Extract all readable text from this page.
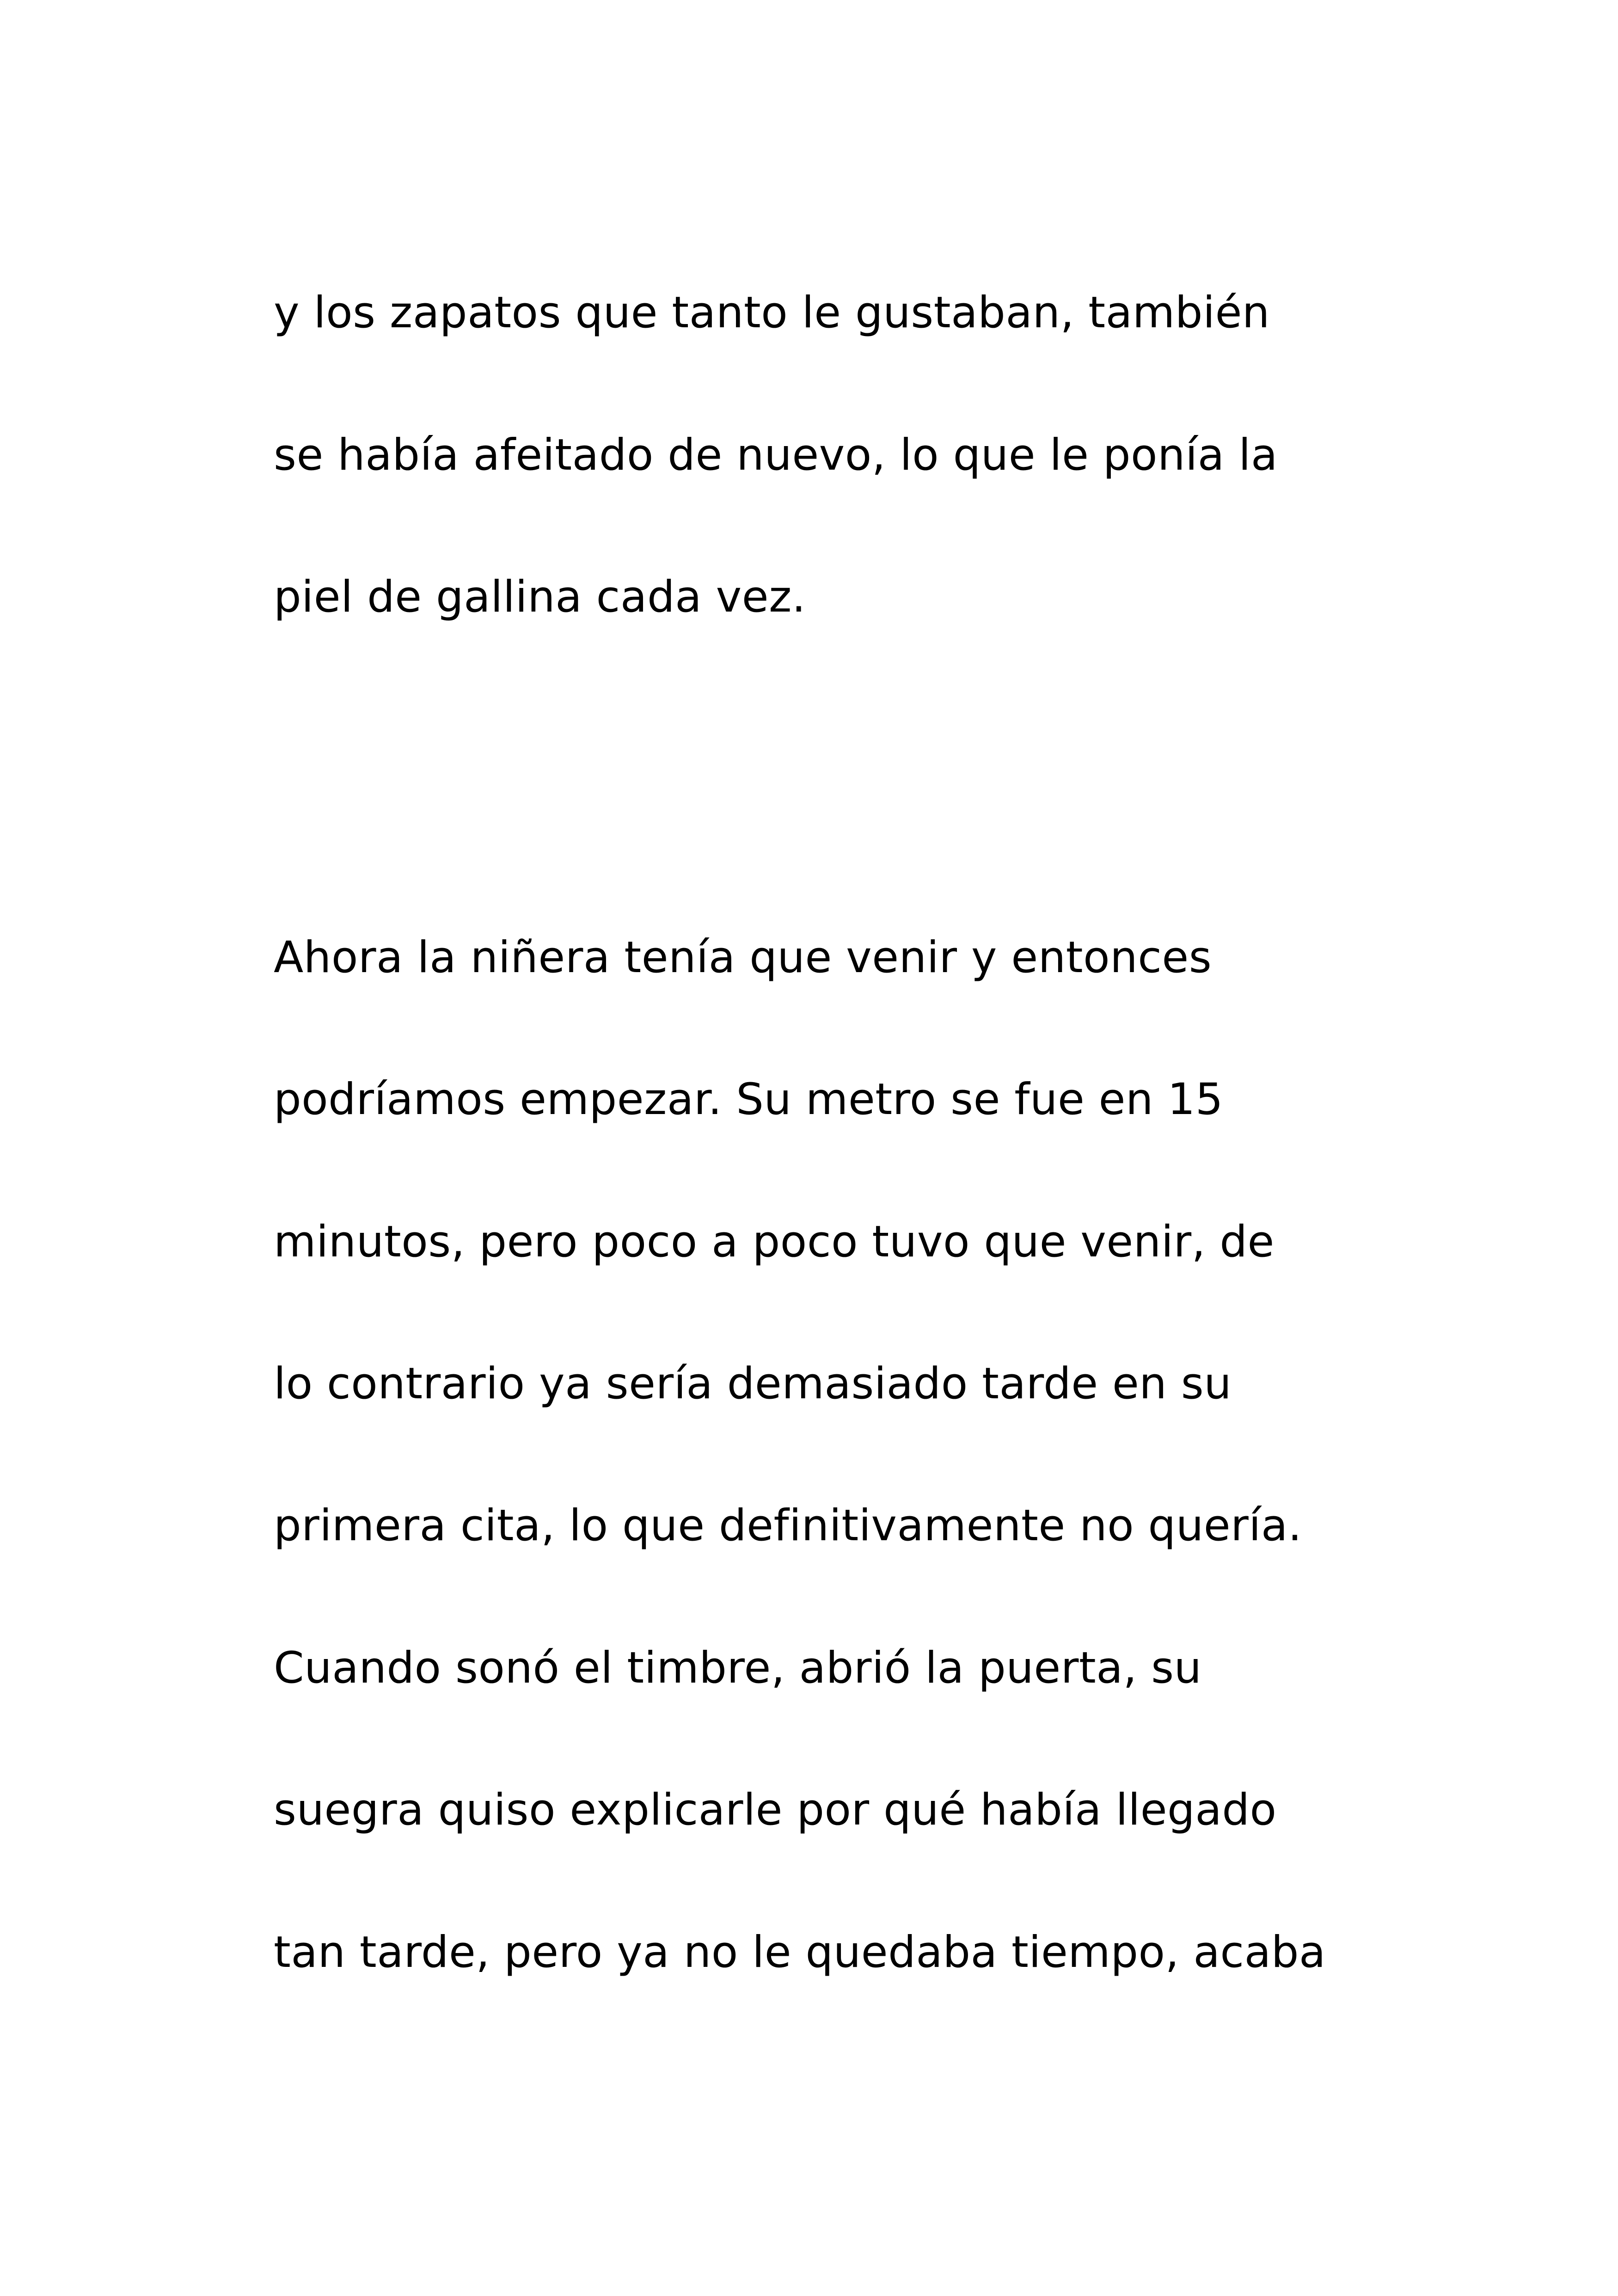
y los zapatos que tanto le gustaban, también

se había afeitado de nuevo, lo que le ponía la

piel de gallina cada vez.

Ahora la niñera tenía que venir y entonces

podríamos empezar. Su metro se fue en 15

minutos, pero poco a poco tuvo que venir, de

lo contrario ya sería demasiado tarde en su

primera cita, lo que definitivamente no quería.

Cuando sonó el timbre, abrió la puerta, su

suegra quiso explicarle por qué había llegado

tan tarde, pero ya no le quedaba tiempo, acaba
